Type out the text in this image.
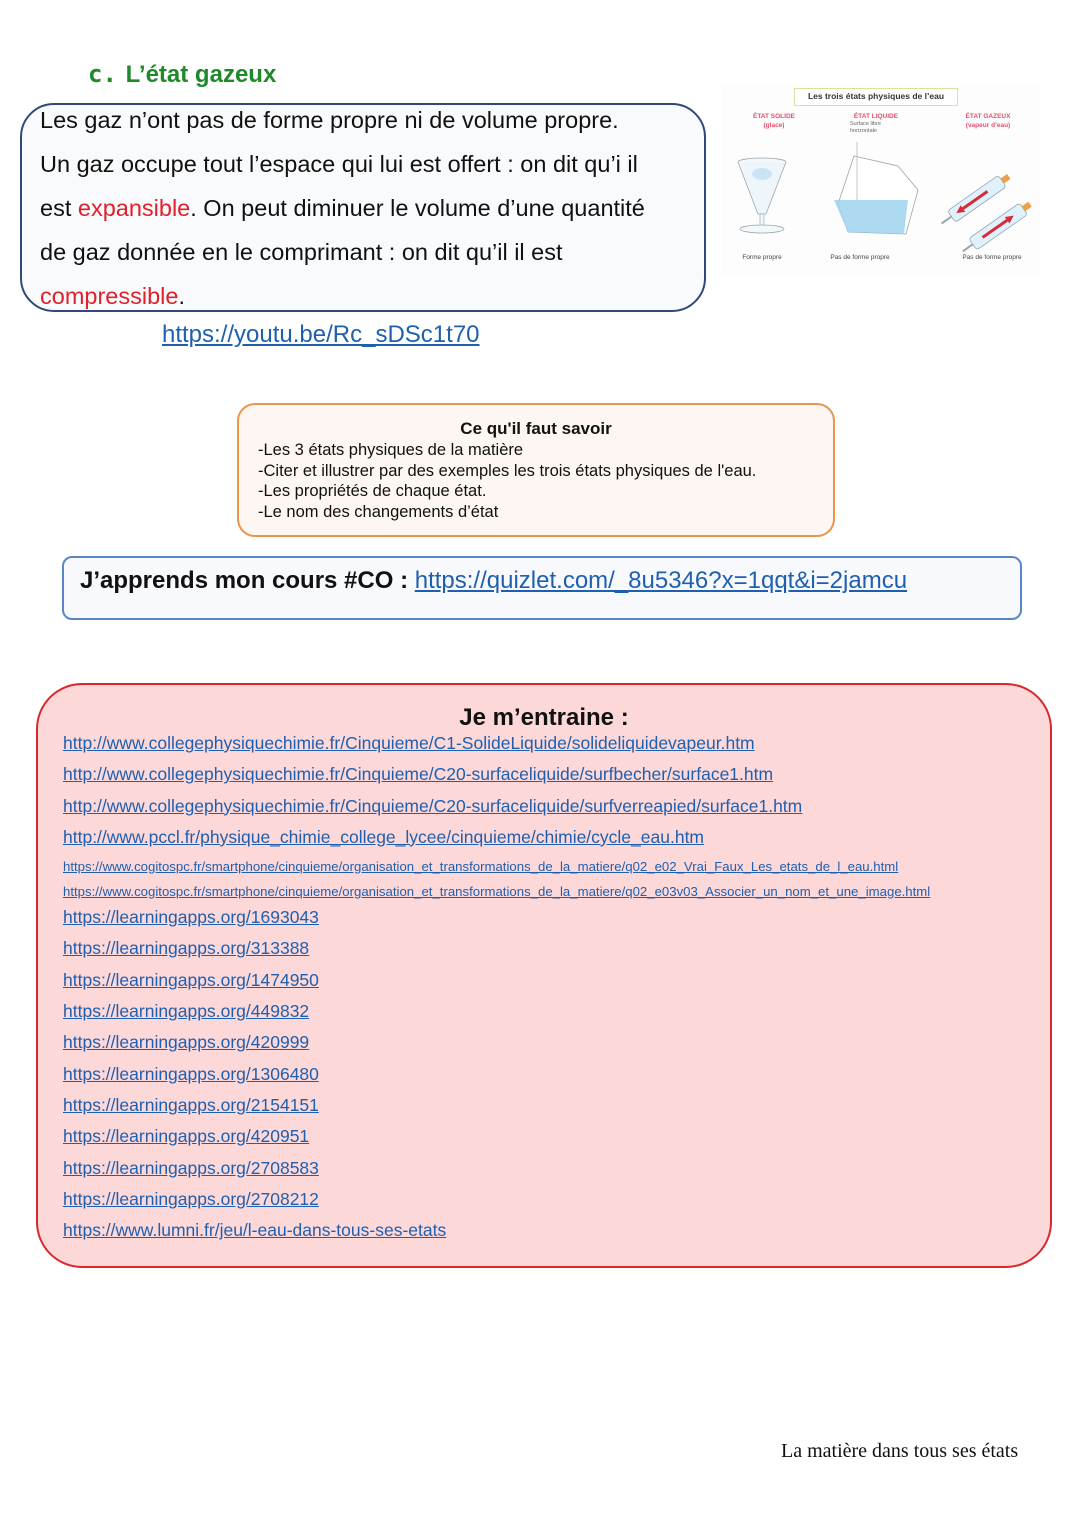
c. L’état gazeux
Les gaz n’ont pas de forme propre ni de volume propre.
Un gaz occupe tout l’espace qui lui est offert : on dit qu’i il
est expansible. On peut diminuer le volume d’une quantité
de gaz donnée en le comprimant : on dit qu’il il est
compressible.
https://youtu.be/Rc_sDSc1t70
Les trois états physiques de l’eau
ÉTAT SOLIDE
(glace)
ÉTAT LIQUIDE
Surface libre horizontale
ÉTAT GAZEUX
(vapeur d’eau)
Forme propre	Pas de forme propre	Pas de forme propre
Ce qu'il faut savoir
-Les 3 états physiques de la matière
-Citer et illustrer par des exemples les trois états physiques de l'eau.
-Les propriétés de chaque état.
-Le nom des changements d’état
J’apprends mon cours #CO : https://quizlet.com/_8u5346?x=1qqt&i=2jamcu
Je m’entraine :
http://www.collegephysiquechimie.fr/Cinquieme/C1-SolideLiquide/solideliquidevapeur.htm
http://www.collegephysiquechimie.fr/Cinquieme/C20-surfaceliquide/surfbecher/surface1.htm
http://www.collegephysiquechimie.fr/Cinquieme/C20-surfaceliquide/surfverreapied/surface1.htm
http://www.pccl.fr/physique_chimie_college_lycee/cinquieme/chimie/cycle_eau.htm
https://www.cogitospc.fr/smartphone/cinquieme/organisation_et_transformations_de_la_matiere/q02_e02_Vrai_Faux_Les_etats_de_l_eau.html
https://www.cogitospc.fr/smartphone/cinquieme/organisation_et_transformations_de_la_matiere/q02_e03v03_Associer_un_nom_et_une_image.html
https://learningapps.org/1693043
https://learningapps.org/313388
https://learningapps.org/1474950
https://learningapps.org/449832
https://learningapps.org/420999
https://learningapps.org/1306480
https://learningapps.org/2154151
https://learningapps.org/420951
https://learningapps.org/2708583
https://learningapps.org/2708212
https://www.lumni.fr/jeu/l-eau-dans-tous-ses-etats
La matière dans tous ses états
